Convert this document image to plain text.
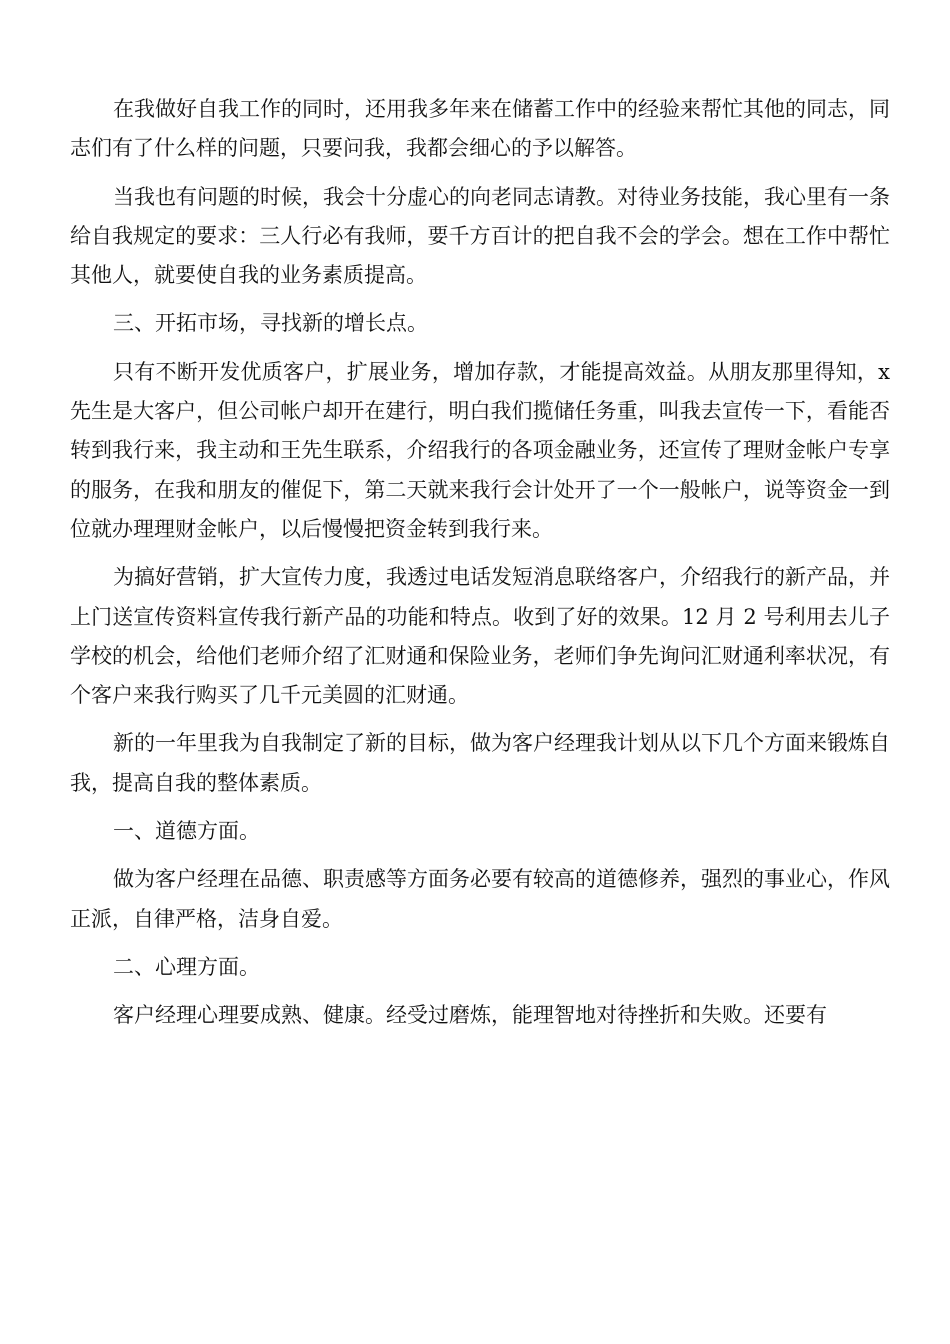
在我做好自我工作的同时，还用我多年来在储蓄工作中的经验来帮忙其他的同志，同志们有了什么样的问题，只要问我，我都会细心的予以解答。

当我也有问题的时候，我会十分虚心的向老同志请教。对待业务技能，我心里有一条给自我规定的要求：三人行必有我师，要千方百计的把自我不会的学会。想在工作中帮忙其他人，就要使自我的业务素质提高。

三、开拓市场，寻找新的增长点。

只有不断开发优质客户，扩展业务，增加存款，才能提高效益。从朋友那里得知，x 先生是大客户，但公司帐户却开在建行，明白我们揽储任务重，叫我去宣传一下，看能否转到我行来，我主动和王先生联系，介绍我行的各项金融业务，还宣传了理财金帐户专享的服务，在我和朋友的催促下，第二天就来我行会计处开了一个一般帐户，说等资金一到位就办理理财金帐户，以后慢慢把资金转到我行来。

为搞好营销，扩大宣传力度，我透过电话发短消息联络客户，介绍我行的新产品，并上门送宣传资料宣传我行新产品的功能和特点。收到了好的效果。12 月 2 号利用去儿子学校的机会，给他们老师介绍了汇财通和保险业务，老师们争先询问汇财通利率状况，有个客户来我行购买了几千元美圆的汇财通。

新的一年里我为自我制定了新的目标，做为客户经理我计划从以下几个方面来锻炼自我，提高自我的整体素质。

一、道德方面。

做为客户经理在品德、职责感等方面务必要有较高的道德修养，强烈的事业心，作风正派，自律严格，洁身自爱。

二、心理方面。

客户经理心理要成熟、健康。经受过磨炼，能理智地对待挫折和失败。还要有
